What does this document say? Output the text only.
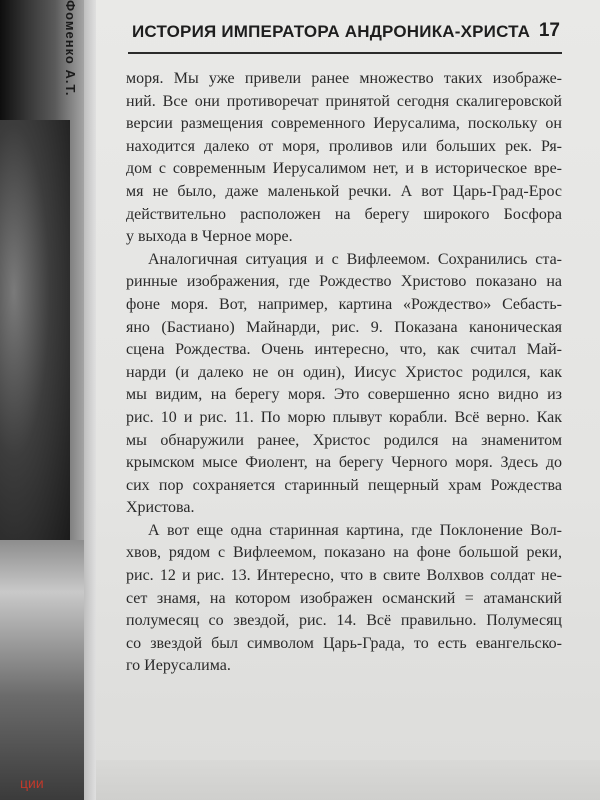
Фоменко А.Т.
ции
ИСТОРИЯ ИМПЕРАТОРА АНДРОНИКА-ХРИСТА 17
моря. Мы уже привели ранее множество таких изображе-
ний. Все они противоречат принятой сегодня скалигеровской
версии размещения современного Иерусалима, поскольку он
находится далеко от моря, проливов или больших рек. Ря-
дом с современным Иерусалимом нет, и в историческое вре-
мя не было, даже маленькой речки. А вот Царь-Град-Ерос
действительно расположен на берегу широкого Босфора
у выхода в Черное море.
Аналогичная ситуация и с Вифлеемом. Сохранились ста-
ринные изображения, где Рождество Христово показано на
фоне моря. Вот, например, картина «Рождество» Себасть-
яно (Бастиано) Майнарди, рис. 9. Показана каноническая
сцена Рождества. Очень интересно, что, как считал Май-
нарди (и далеко не он один), Иисус Христос родился, как
мы видим, на берегу моря. Это совершенно ясно видно из
рис. 10 и рис. 11. По морю плывут корабли. Всё верно. Как
мы обнаружили ранее, Христос родился на знаменитом
крымском мысе Фиолент, на берегу Черного моря. Здесь до
сих пор сохраняется старинный пещерный храм Рождества
Христова.
А вот еще одна старинная картина, где Поклонение Вол-
хвов, рядом с Вифлеемом, показано на фоне большой реки,
рис. 12 и рис. 13. Интересно, что в свите Волхвов солдат не-
сет знамя, на котором изображен османский = атаманский
полумесяц со звездой, рис. 14. Всё правильно. Полумесяц
со звездой был символом Царь-Града, то есть евангельско-
го Иерусалима.
